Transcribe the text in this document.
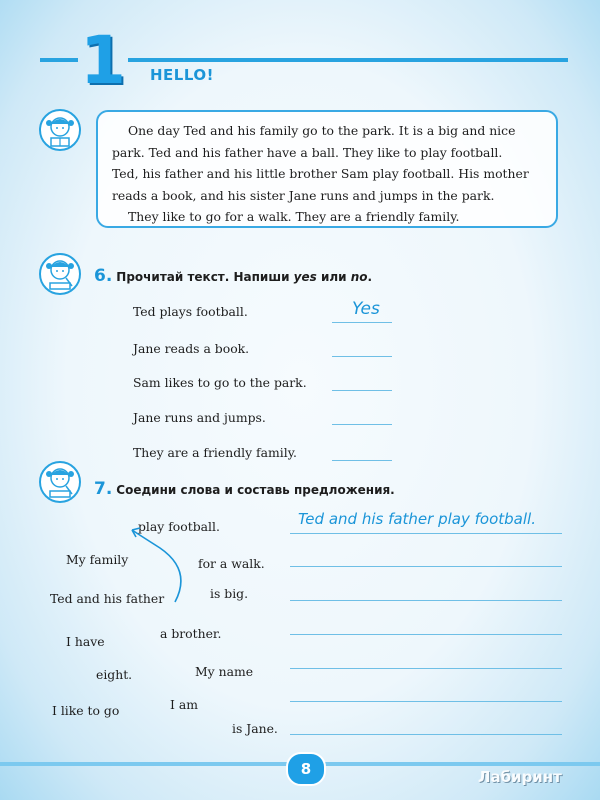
1 HELLO!

One day Ted and his family go to the park. It is a big and nice

park. Ted and his father have a ball. They like to play football.

Ted, his father and his little brother Sam play football. His mother

reads a book, and his sister Jane runs and jumps in the park.

They like to go for a walk. They are a friendly family.

6. Прочитай текст. Напиши yes или no.
Ted plays football.	Yes
Jane reads a book.
Sam likes to go to the park.
Jane runs and jumps.
They are a friendly family.
7. Соедини слова и составь предложения.
play football.
My family	for a walk.
Ted and his father	is big.
I have
a brother.
eight.	My name
I like to go	I am
is Jane.
Ted and his father play football.
8	Лабиринт
